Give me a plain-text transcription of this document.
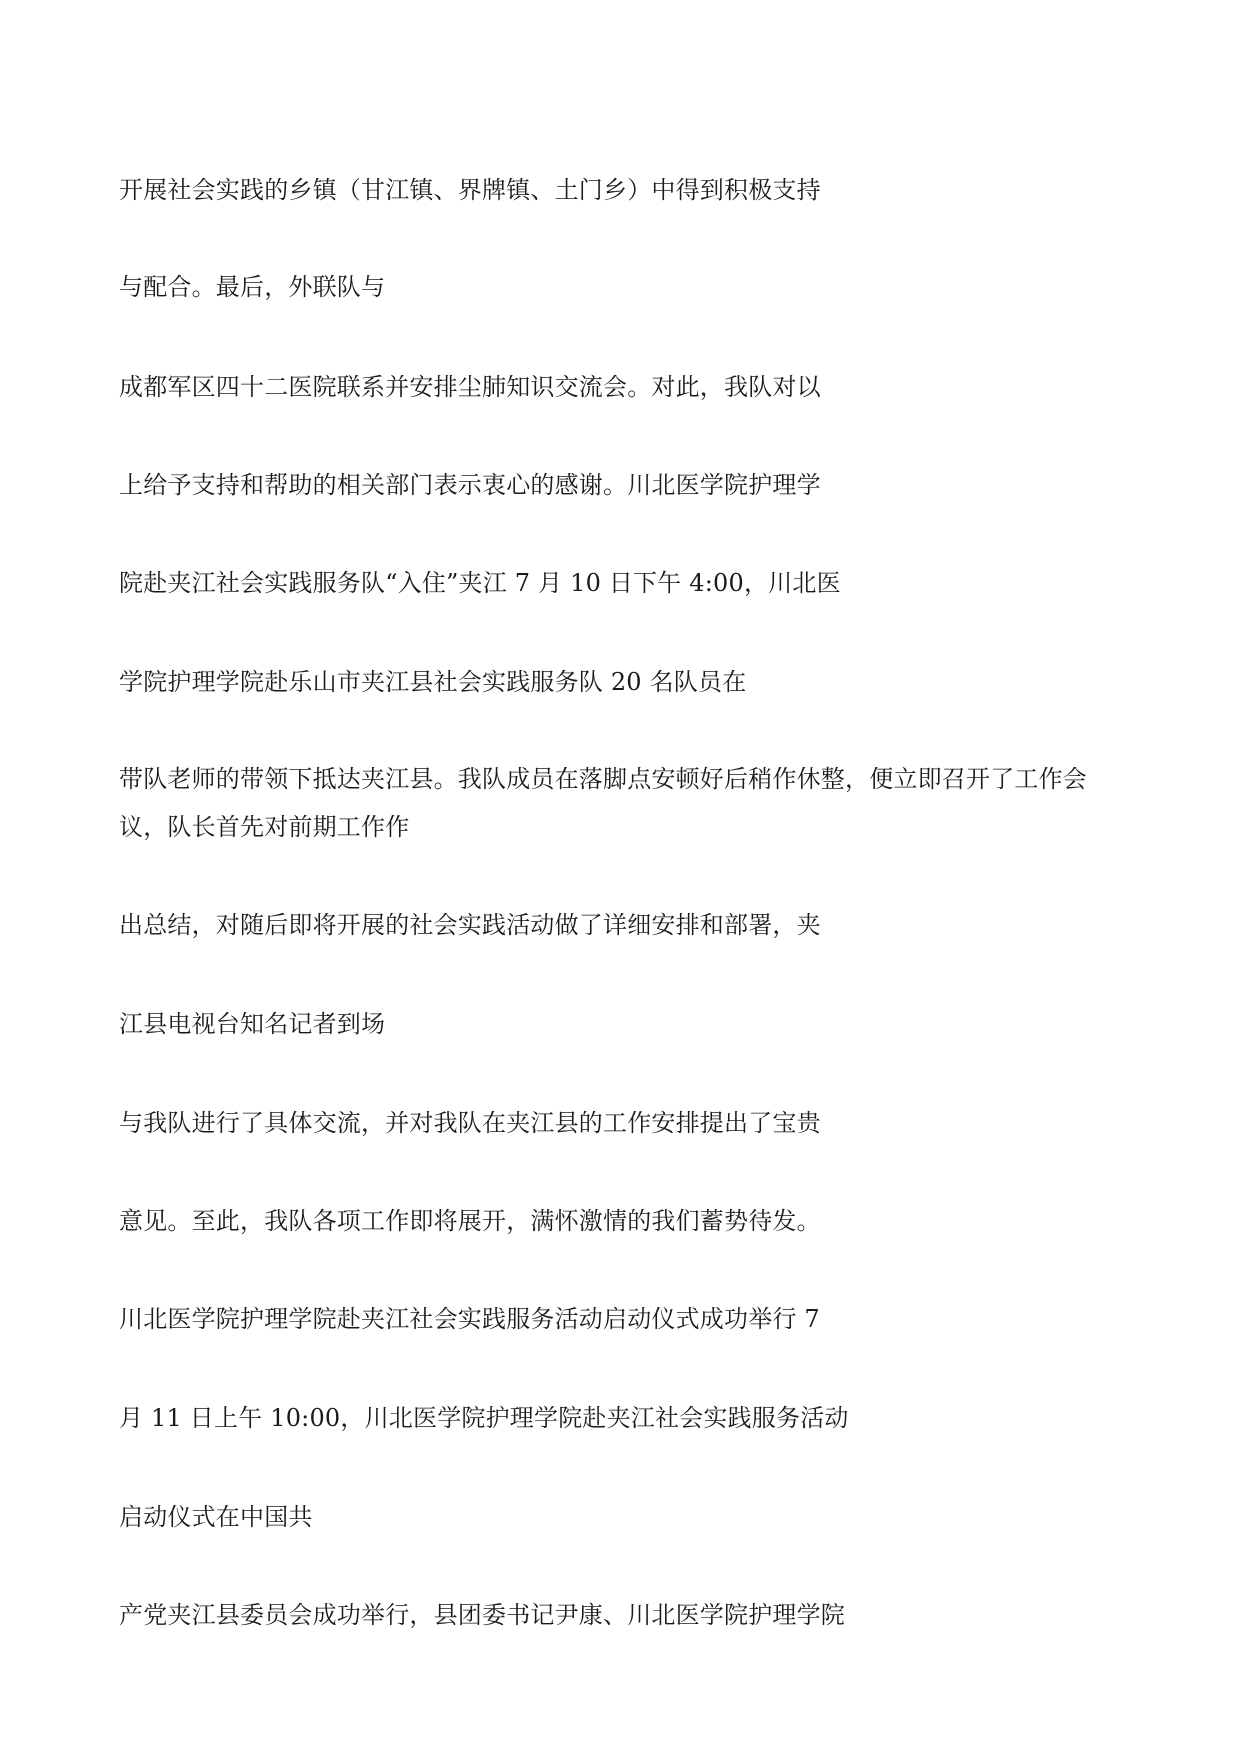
开展社会实践的乡镇（甘江镇、界牌镇、土门乡）中得到积极支持

与配合。最后，外联队与

成都军区四十二医院联系并安排尘肺知识交流会。对此，我队对以

上给予支持和帮助的相关部门表示衷心的感谢。川北医学院护理学

院赴夹江社会实践服务队“入住”夹江 7 月 10 日下午 4:00，川北医

学院护理学院赴乐山市夹江县社会实践服务队 20 名队员在

带队老师的带领下抵达夹江县。我队成员在落脚点安顿好后稍作休整，便立即召开了工作会

议，队长首先对前期工作作

出总结，对随后即将开展的社会实践活动做了详细安排和部署，夹

江县电视台知名记者到场

与我队进行了具体交流，并对我队在夹江县的工作安排提出了宝贵

意见。至此，我队各项工作即将展开，满怀激情的我们蓄势待发。

川北医学院护理学院赴夹江社会实践服务活动启动仪式成功举行 7

月 11 日上午 10:00，川北医学院护理学院赴夹江社会实践服务活动

启动仪式在中国共

产党夹江县委员会成功举行，县团委书记尹康、川北医学院护理学院
